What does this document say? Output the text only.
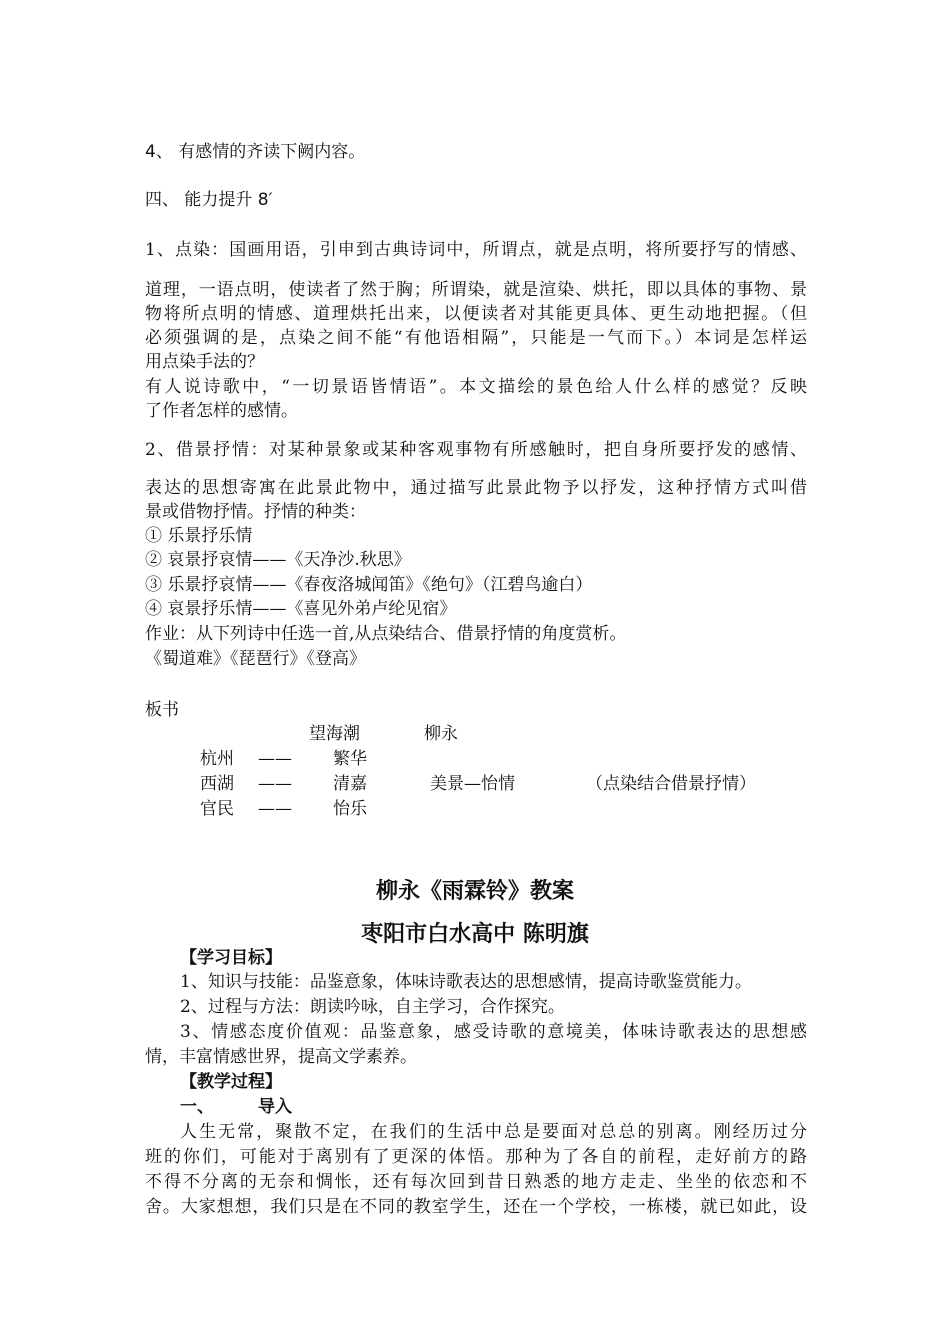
4、 有感情的齐读下阙内容。
四、 能力提升 8′
1、点染：国画用语，引申到古典诗词中，所谓点，就是点明，将所要抒写的情感、
道理，一语点明，使读者了然于胸；所谓染，就是渲染、烘托，即以具体的事物、景
物将所点明的情感、道理烘托出来，以便读者对其能更具体、更生动地把握。（但
必须强调的是，点染之间不能“有他语相隔”，只能是一气而下。）本词是怎样运
用点染手法的？
有人说诗歌中，“一切景语皆情语”。本文描绘的景色给人什么样的感觉？反映
了作者怎样的感情。
2、借景抒情：对某种景象或某种客观事物有所感触时，把自身所要抒发的感情、
表达的思想寄寓在此景此物中，通过描写此景此物予以抒发，这种抒情方式叫借
景或借物抒情。抒情的种类：
① 乐景抒乐情
② 哀景抒哀情——《天净沙.秋思》
③ 乐景抒哀情——《春夜洛城闻笛》《绝句》（江碧鸟逾白）
④ 哀景抒乐情——《喜见外弟卢纶见宿》
作业：从下列诗中任选一首,从点染结合、借景抒情的角度赏析。
《蜀道难》《琵琶行》《登高》
板书
望海潮	柳永
杭州 —— 繁华
西湖 —— 清嘉	美景—怡情	（点染结合借景抒情）
官民 —— 怡乐
柳永《雨霖铃》教案
枣阳市白水高中 陈明旗
【学习目标】
1、知识与技能：品鉴意象，体味诗歌表达的思想感情，提高诗歌鉴赏能力。
2、过程与方法：朗读吟咏，自主学习，合作探究。
3、情感态度价值观：品鉴意象，感受诗歌的意境美，体味诗歌表达的思想感
情，丰富情感世界，提高文学素养。
【教学过程】
一、	导入
人生无常，聚散不定，在我们的生活中总是要面对总总的别离。刚经历过分
班的你们，可能对于离别有了更深的体悟。那种为了各自的前程，走好前方的路
不得不分离的无奈和惆怅，还有每次回到昔日熟悉的地方走走、坐坐的依恋和不
舍。大家想想，我们只是在不同的教室学生，还在一个学校，一栋楼，就已如此，设
